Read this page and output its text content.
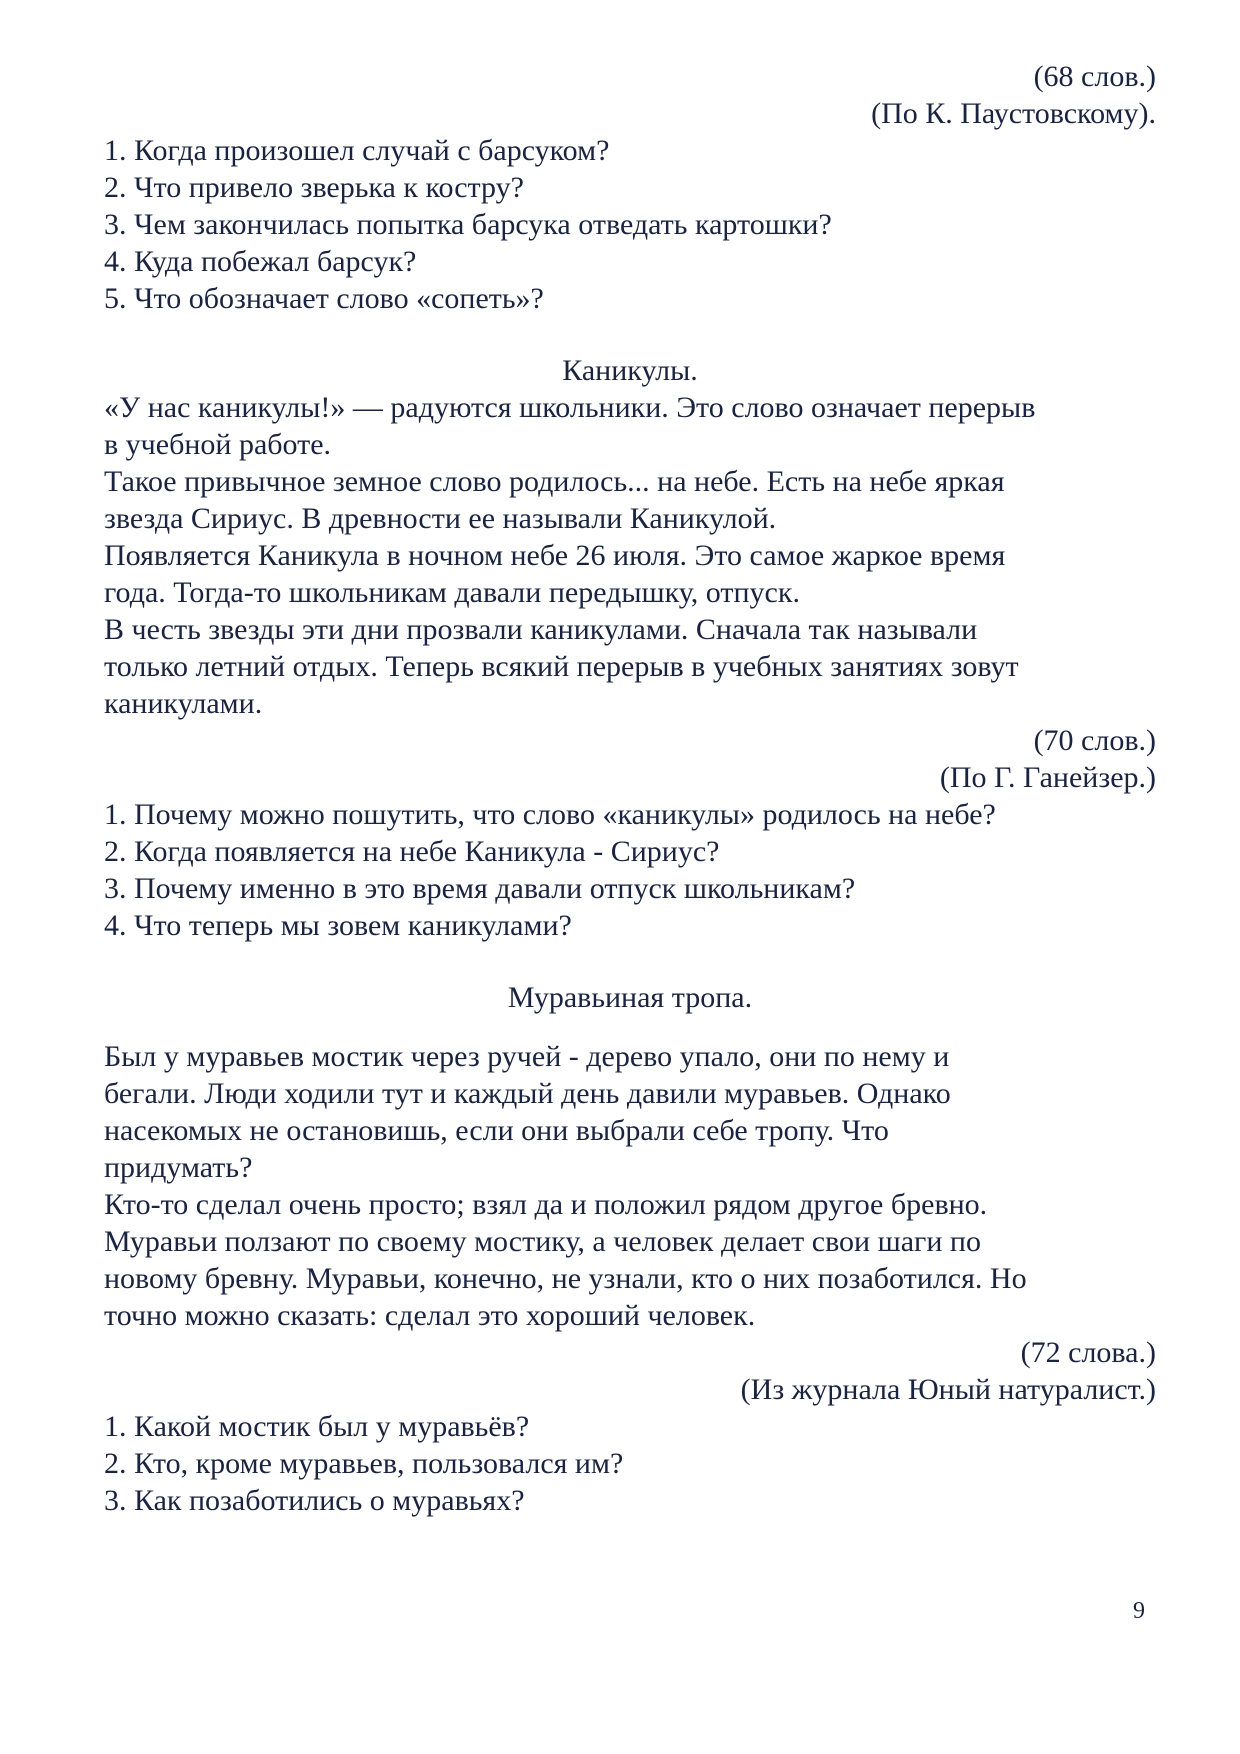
(68 слов.)
(По К. Паустовскому).
1. Когда произошел случай с барсуком?
2. Что привело зверька к костру?
3. Чем закончилась попытка барсука отведать картошки?
4. Куда побежал барсук?
5. Что обозначает слово «сопеть»?
Каникулы.
«У нас каникулы!» — радуются школьники. Это слово означает перерыв
в учебной работе.
Такое привычное земное слово родилось... на небе. Есть на небе яркая
звезда Сириус. В древности ее называли Каникулой.
Появляется Каникула в ночном небе 26 июля. Это самое жаркое время
года. Тогда-то школьникам давали передышку, отпуск.
В честь звезды эти дни прозвали каникулами. Сначала так называли
только летний отдых. Теперь всякий перерыв в учебных занятиях зовут
каникулами.
(70 слов.)
(По Г. Ганейзер.)
1. Почему можно пошутить, что слово «каникулы» родилось на небе?
2. Когда появляется на небе Каникула - Сириус?
3. Почему именно в это время давали отпуск школьникам?
4. Что теперь мы зовем каникулами?
Муравьиная тропа.
Был у муравьев мостик через ручей - дерево упало, они по нему и
бегали. Люди ходили тут и каждый день давили муравьев. Однако
насекомых не остановишь, если они выбрали себе тропу. Что
придумать?
Кто-то сделал очень просто; взял да и положил рядом другое бревно.
Муравьи ползают по своему мостику, а человек делает свои шаги по
новому бревну. Муравьи, конечно, не узнали, кто о них позаботился. Но
точно можно сказать: сделал это хороший человек.
(72 слова.)
(Из журнала Юный натуралист.)
1. Какой мостик был у муравьёв?
2. Кто, кроме муравьев, пользовался им?
3. Как позаботились о муравьях?
9
